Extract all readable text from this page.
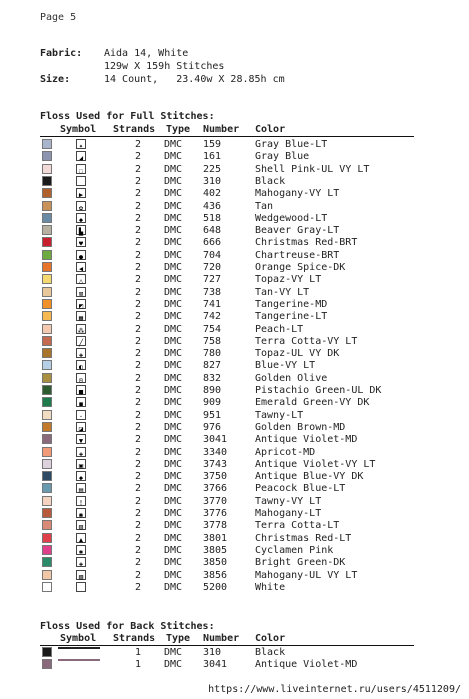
Page 5
Fabric: Aida 14, White
129w X 159h Stitches
Size:	14 Count,   23.40w X 28.85h cm
Floss Used for Full Stitches:
Symbol Strands Type Number Color
✦	2 DMC 159	Gray Blue-LT
◢	2 DMC 161	Gray Blue
◌	2 DMC 225	Shell Pink-UL VY LT
2 DMC 310	Black
▶	2 DMC 402	Mahogany-VY LT
✿	2 DMC 436	Tan
◆	2 DMC 518	Wedgewood-LT
▙	2 DMC 648	Beaver Gray-LT
♥	2 DMC 666	Christmas Red-BRT
●	2 DMC 704	Chartreuse-BRT
◀	2 DMC 720	Orange Spice-DK
△	2 DMC 727	Topaz-VY LT
⊠	2 DMC 738	Tan-VY LT
◩	2 DMC 741	Tangerine-MD
▦	2 DMC 742	Tangerine-LT
⁂	2 DMC 754	Peach-LT
╱	2 DMC 758	Terra Cotta-VY LT
✚	2 DMC 780	Topaz-UL VY DK
◐	2 DMC 827	Blue-VY LT
◎	2 DMC 832	Golden Olive
■	2 DMC 890	Pistachio Green-UL DK
◼	2 DMC 909	Emerald Green-VY DK
·	2 DMC 951	Tawny-LT
◪	2 DMC 976	Golden Brown-MD
▼	2 DMC 3041	Antique Violet-MD
✚	2 DMC 3340	Apricot-MD
▣	2 DMC 3743	Antique Violet-VY LT
◆	2 DMC 3750	Antique Blue-VY DK
▤	2 DMC 3766	Peacock Blue-LT
!	2 DMC 3770	Tawny-VY LT
◉	2 DMC 3776	Mahogany-LT
▥	2 DMC 3778	Terra Cotta-LT
▲	2 DMC 3801	Christmas Red-LT
✱	2 DMC 3805	Cyclamen Pink
✚	2 DMC 3850	Bright Green-DK
▧	2 DMC 3856	Mahogany-UL VY LT
2 DMC 5200	White
Floss Used for Back Stitches:
Symbol Strands Type Number Color
1 DMC 310	Black
1 DMC 3041	Antique Violet-MD
https://www.liveinternet.ru/users/4511209/
